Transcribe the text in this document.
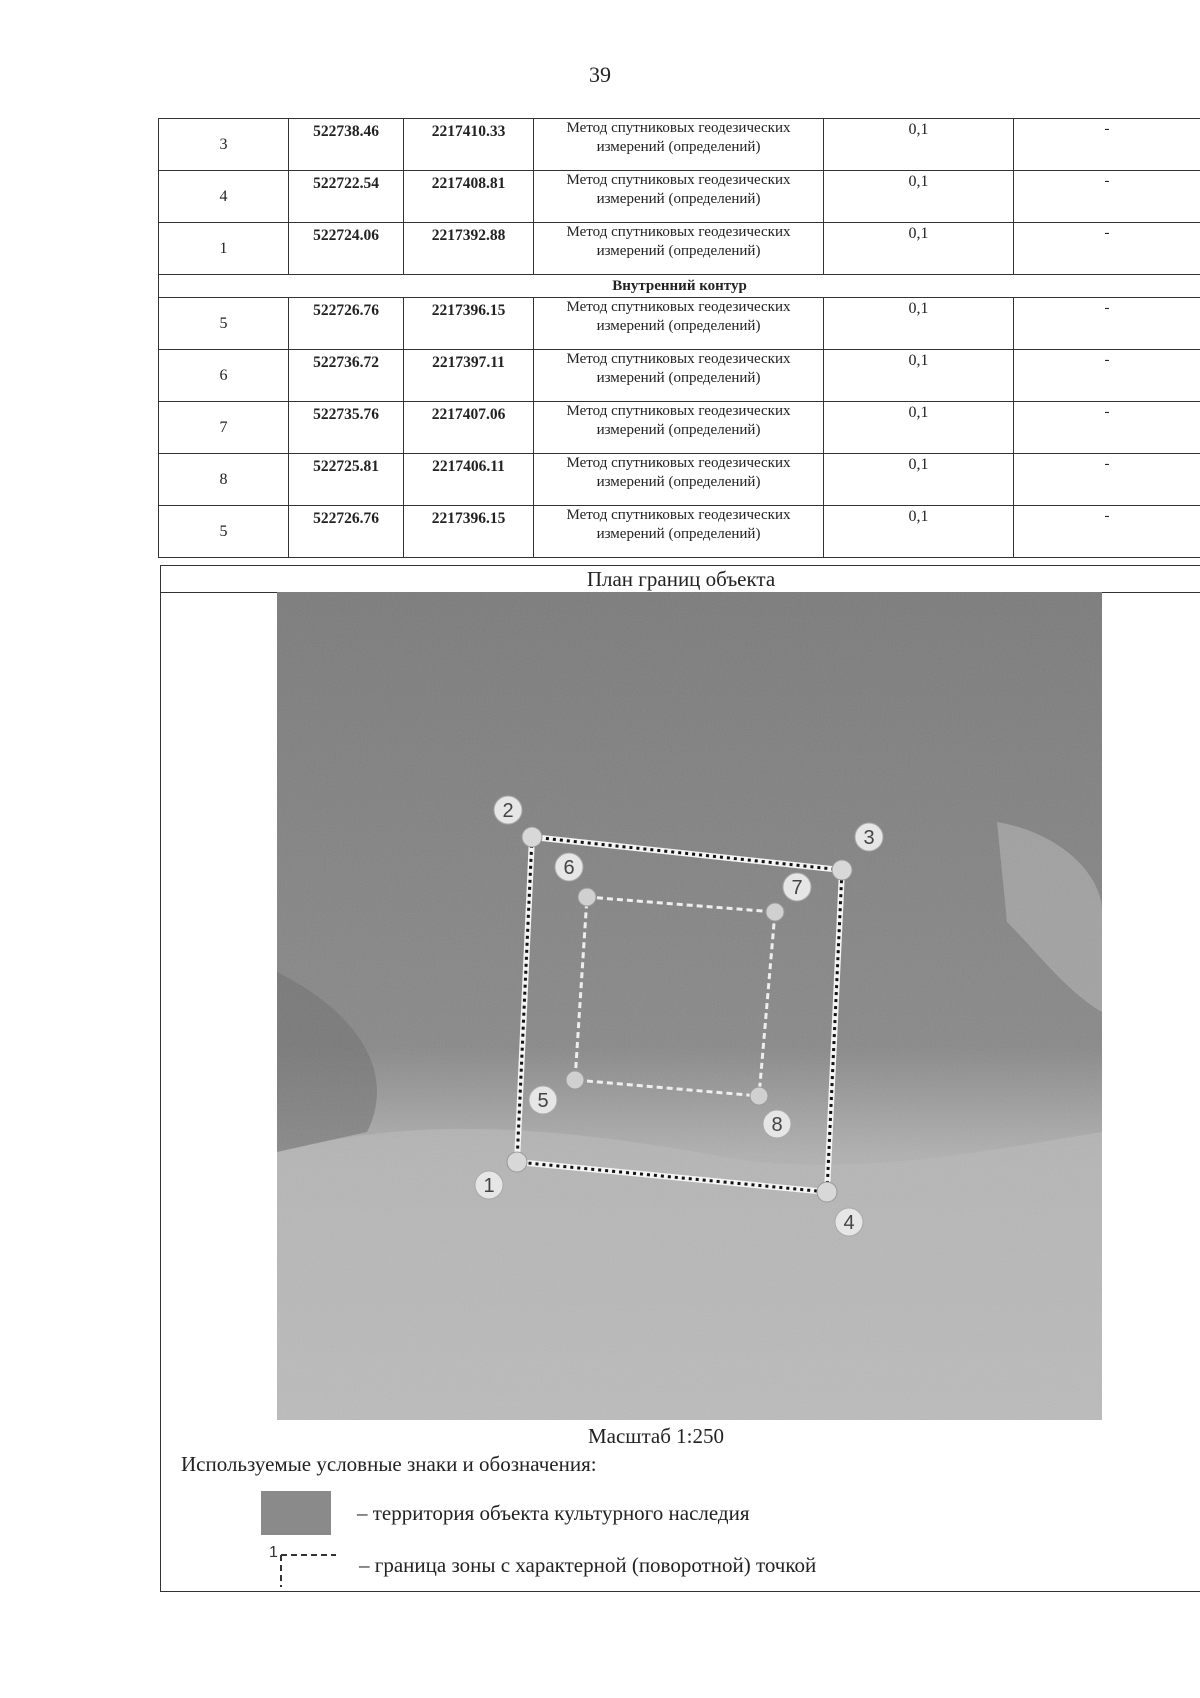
39
3	522738.46	2217410.33	Метод спутниковых геодезических измерений (определений)	0,1	-
4	522722.54	2217408.81	Метод спутниковых геодезических измерений (определений)	0,1	-
1	522724.06	2217392.88	Метод спутниковых геодезических измерений (определений)	0,1	-
Внутренний контур					
5	522726.76	2217396.15	Метод спутниковых геодезических измерений (определений)	0,1	-
6	522736.72	2217397.11	Метод спутниковых геодезических измерений (определений)	0,1	-
7	522735.76	2217407.06	Метод спутниковых геодезических измерений (определений)	0,1	-
8	522725.81	2217406.11	Метод спутниковых геодезических измерений (определений)	0,1	-
5	522726.76	2217396.15	Метод спутниковых геодезических измерений (определений)	0,1	-
План границ объекта
1
2
3
4
5
6
7
8
Масштаб 1:250
Используемые условные знаки и обозначения:
– территория объекта культурного наследия
1	– граница зоны с характерной (поворотной) точкой
